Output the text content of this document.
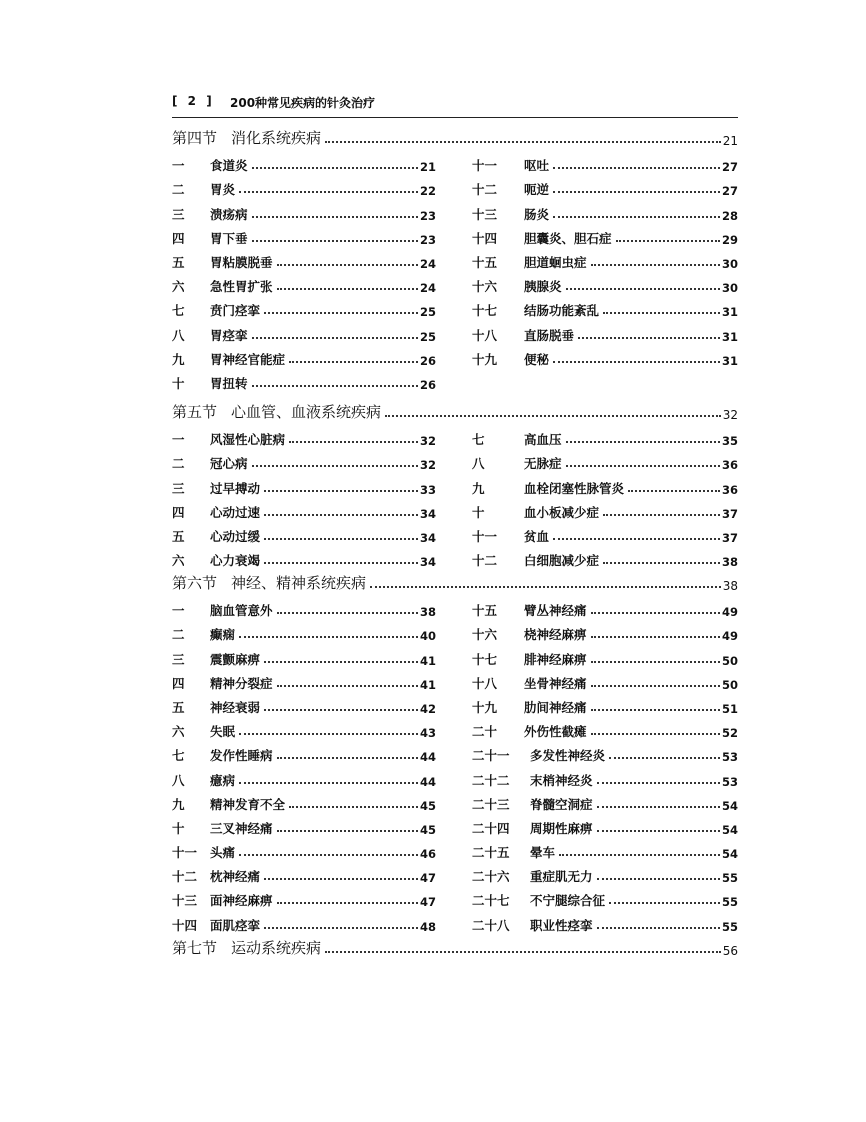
[ 2 ] 200种常见疾病的针灸治疗
第四节 消化系统疾病	21
一	食道炎	21
二	胃炎	22
三	溃疡病	23
四	胃下垂	23
五	胃粘膜脱垂	24
六	急性胃扩张	24
七	贲门痉挛	25
八	胃痉挛	25
九	胃神经官能症	26
十	胃扭转	26
十一	呕吐	27
十二	呃逆	27
十三	肠炎	28
十四	胆囊炎、胆石症	29
十五	胆道蛔虫症	30
十六	胰腺炎	30
十七	结肠功能紊乱	31
十八	直肠脱垂	31
十九	便秘	31
第五节 心血管、血液系统疾病	32
一	风湿性心脏病	32
二	冠心病	32
三	过早搏动	33
四	心动过速	34
五	心动过缓	34
六	心力衰竭	34
七	高血压	35
八	无脉症	36
九	血栓闭塞性脉管炎	36
十	血小板减少症	37
十一	贫血	37
十二	白细胞减少症	38
第六节 神经、精神系统疾病	38
一	脑血管意外	38
二	癫痫	40
三	震颤麻痹	41
四	精神分裂症	41
五	神经衰弱	42
六	失眠	43
七	发作性睡病	44
八	癔病	44
九	精神发育不全	45
十	三叉神经痛	45
十一	头痛	46
十二	枕神经痛	47
十三	面神经麻痹	47
十四	面肌痉挛	48
十五	臂丛神经痛	49
十六	桡神经麻痹	49
十七	腓神经麻痹	50
十八	坐骨神经痛	50
十九	肋间神经痛	51
二十	外伤性截瘫	52
二十一	多发性神经炎	53
二十二	末梢神经炎	53
二十三	脊髓空洞症	54
二十四	周期性麻痹	54
二十五	晕车	54
二十六	重症肌无力	55
二十七	不宁腿综合征	55
二十八	职业性痉挛	55
第七节 运动系统疾病	56
